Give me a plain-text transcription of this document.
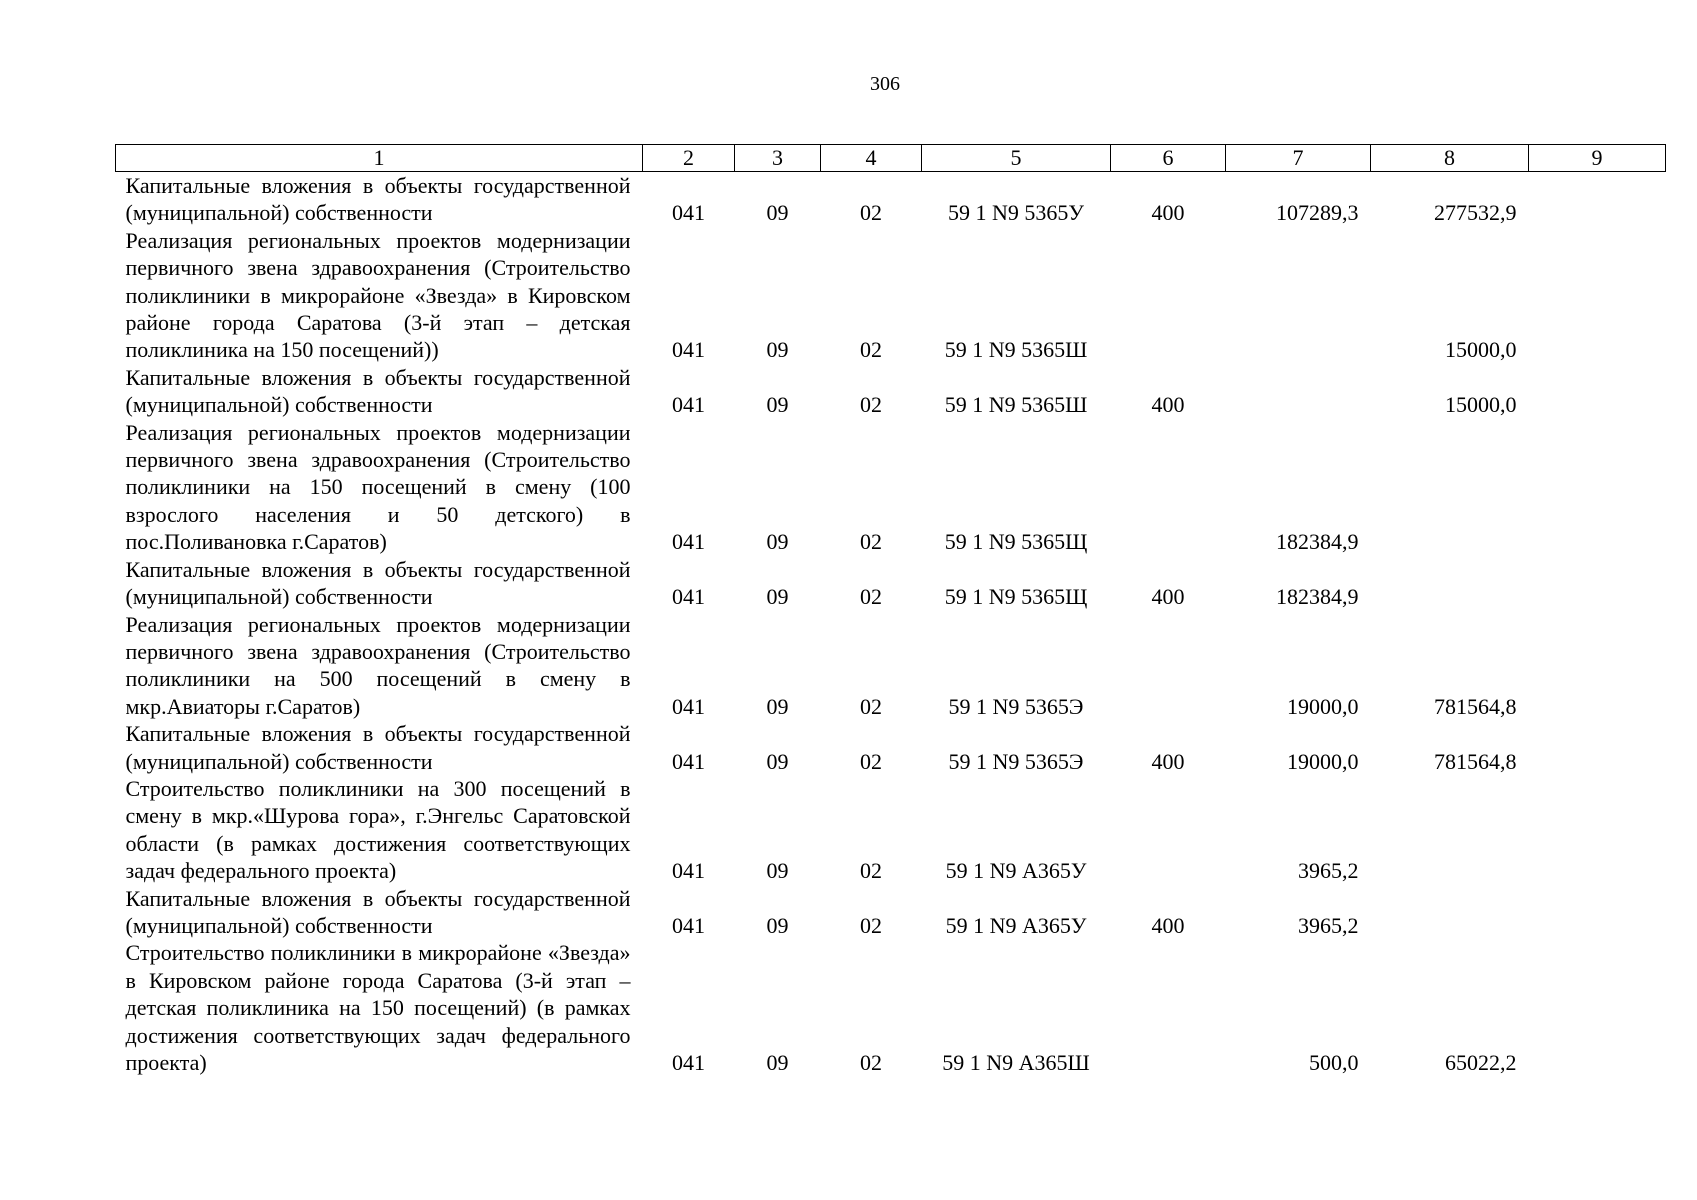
306
1	2	3	4	5	6	7	8	9
Капитальные вложения в объекты государственной (муниципальной) собственности	041	09	02	59 1 N9 5365У	400	107289,3	277532,9	
Реализация региональных проектов модернизации первичного звена здравоохранения (Строительство поликлиники в микрорайоне «Звезда» в Кировском районе города Саратова (3-й этап – детская поликлиника на 150 посещений))	041	09	02	59 1 N9 5365Ш			15000,0	
Капитальные вложения в объекты государственной (муниципальной) собственности	041	09	02	59 1 N9 5365Ш	400		15000,0	
Реализация региональных проектов модернизации первичного звена здравоохранения (Строительство поликлиники на 150 посещений в смену (100 взрослого населения и 50 детского) в пос.Поливановка г.Саратов)	041	09	02	59 1 N9 5365Щ		182384,9		
Капитальные вложения в объекты государственной (муниципальной) собственности	041	09	02	59 1 N9 5365Щ	400	182384,9		
Реализация региональных проектов модернизации первичного звена здравоохранения (Строительство поликлиники на 500 посещений в смену в мкр.Авиаторы г.Саратов)	041	09	02	59 1 N9 5365Э		19000,0	781564,8	
Капитальные вложения в объекты государственной (муниципальной) собственности	041	09	02	59 1 N9 5365Э	400	19000,0	781564,8	
Строительство поликлиники на 300 посещений в смену в мкр.«Шурова гора», г.Энгельс Саратовской области (в рамках достижения соответствующих задач федерального проекта)	041	09	02	59 1 N9 А365У		3965,2		
Капитальные вложения в объекты государственной (муниципальной) собственности	041	09	02	59 1 N9 А365У	400	3965,2		
Строительство поликлиники в микрорайоне «Звезда» в Кировском районе города Саратова (3-й этап – детская поликлиника на 150 посещений) (в рамках достижения соответствующих задач федерального проекта)	041	09	02	59 1 N9 А365Ш		500,0	65022,2	
